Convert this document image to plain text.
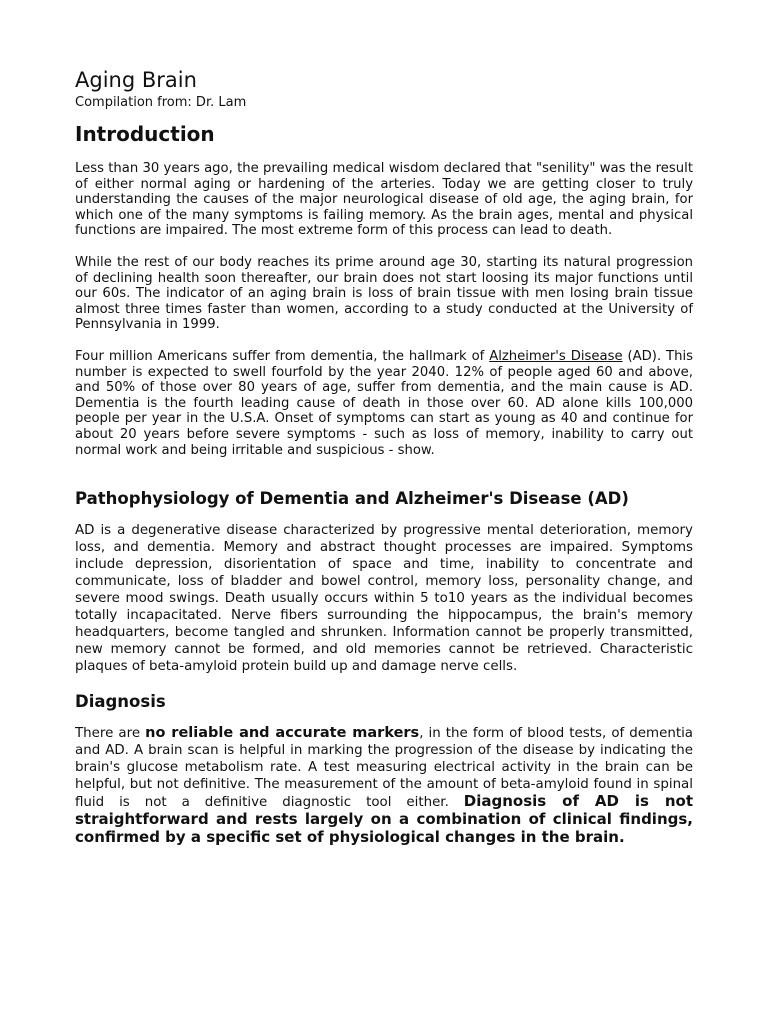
Aging Brain
Compilation from: Dr. Lam
Introduction

Less than 30 years ago, the prevailing medical wisdom declared that "senility" was the result of either normal aging or hardening of the arteries. Today we are getting closer to truly understanding the causes of the major neurological disease of old age, the aging brain, for which one of the many symptoms is failing memory. As the brain ages, mental and physical functions are impaired. The most extreme form of this process can lead to death.

While the rest of our body reaches its prime around age 30, starting its natural progression of declining health soon thereafter, our brain does not start loosing its major functions until our 60s. The indicator of an aging brain is loss of brain tissue with men losing brain tissue almost three times faster than women, according to a study conducted at the University of Pennsylvania in 1999.

Four million Americans suffer from dementia, the hallmark of Alzheimer's Disease (AD). This number is expected to swell fourfold by the year 2040. 12% of people aged 60 and above, and 50% of those over 80 years of age, suffer from dementia, and the main cause is AD. Dementia is the fourth leading cause of death in those over 60. AD alone kills 100,000 people per year in the U.S.A. Onset of symptoms can start as young as 40 and continue for about 20 years before severe symptoms - such as loss of memory, inability to carry out normal work and being irritable and suspicious - show.

Pathophysiology of Dementia and Alzheimer's Disease (AD)

AD is a degenerative disease characterized by progressive mental deterioration, memory loss, and dementia. Memory and abstract thought processes are impaired. Symptoms include depression, disorientation of space and time, inability to concentrate and communicate, loss of bladder and bowel control, memory loss, personality change, and severe mood swings. Death usually occurs within 5 to10 years as the individual becomes totally incapacitated. Nerve fibers surrounding the hippocampus, the brain's memory headquarters, become tangled and shrunken. Information cannot be properly transmitted, new memory cannot be formed, and old memories cannot be retrieved. Characteristic plaques of beta-amyloid protein build up and damage nerve cells.

Diagnosis

There are no reliable and accurate markers, in the form of blood tests, of dementia and AD. A brain scan is helpful in marking the progression of the disease by indicating the brain's glucose metabolism rate. A test measuring electrical activity in the brain can be helpful, but not definitive. The measurement of the amount of beta-amyloid found in spinal fluid is not a definitive diagnostic tool either. Diagnosis of AD is not straightforward and rests largely on a combination of clinical findings, confirmed by a specific set of physiological changes in the brain.
